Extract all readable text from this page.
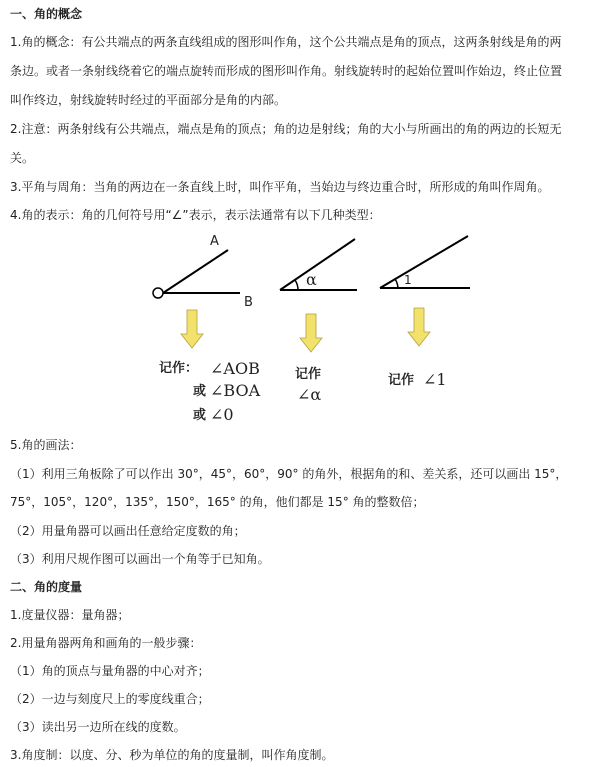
一、角的概念
1.角的概念：有公共端点的两条直线组成的图形叫作角，这个公共端点是角的顶点，这两条射线是角的两
条边。或者一条射线绕着它的端点旋转而形成的图形叫作角。射线旋转时的起始位置叫作始边，终止位置
叫作终边，射线旋转时经过的平面部分是角的内部。
2.注意：两条射线有公共端点，端点是角的顶点；角的边是射线；角的大小与所画出的角的两边的长短无
关。
3.平角与周角：当角的两边在一条直线上时，叫作平角，当始边与终边重合时，所形成的角叫作周角。
4.角的表示：角的几何符号用“∠”表示，表示法通常有以下几种类型：
A
O
B
记作： ∠AOB
或 ∠BOA
或 ∠0
α
记作
∠α
1
记作 ∠1
5.角的画法：
（1）利用三角板除了可以作出 30°，45°，60°，90° 的角外，根据角的和、差关系，还可以画出 15°，
75°，105°，120°，135°，150°，165° 的角，他们都是 15° 角的整数倍；
（2）用量角器可以画出任意给定度数的角；
（3）利用尺规作图可以画出一个角等于已知角。
二、角的度量
1.度量仪器：量角器；
2.用量角器两角和画角的一般步骤：
（1）角的顶点与量角器的中心对齐；
（2）一边与刻度尺上的零度线重合；
（3）读出另一边所在线的度数。
3.角度制：以度、分、秒为单位的角的度量制，叫作角度制。
